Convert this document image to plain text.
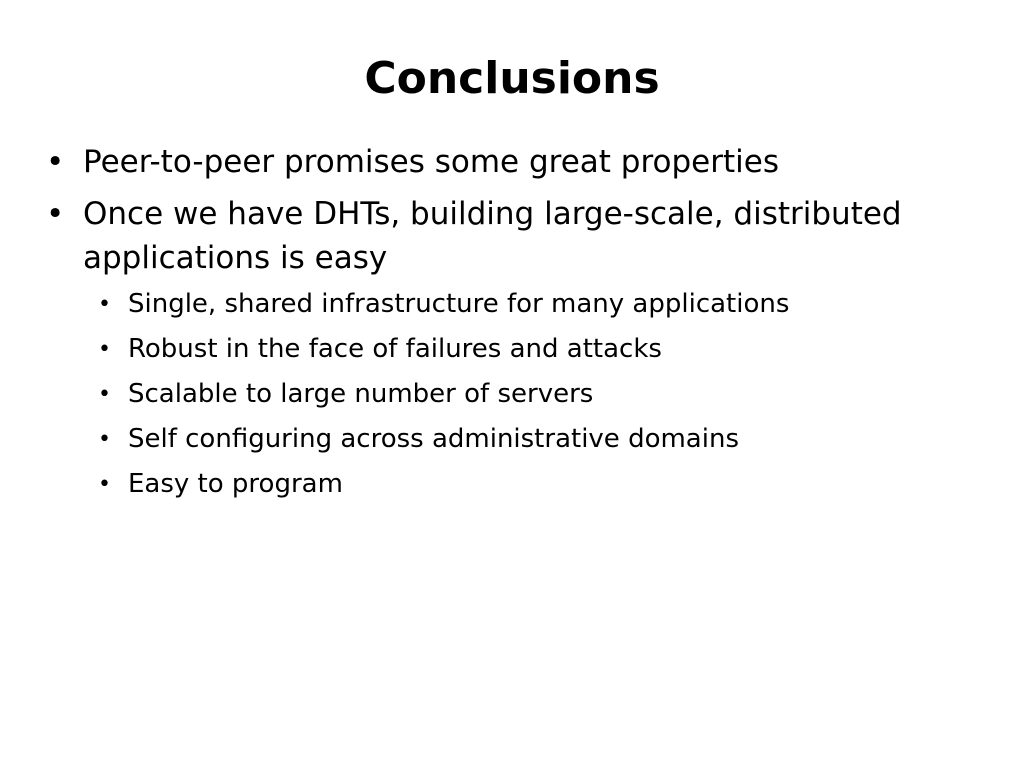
Conclusions
• Peer-to-peer promises some great properties
• Once we have DHTs, building large-scale, distributed applications is easy
• Single, shared infrastructure for many applications
• Robust in the face of failures and attacks
• Scalable to large number of servers
• Self configuring across administrative domains
• Easy to program
